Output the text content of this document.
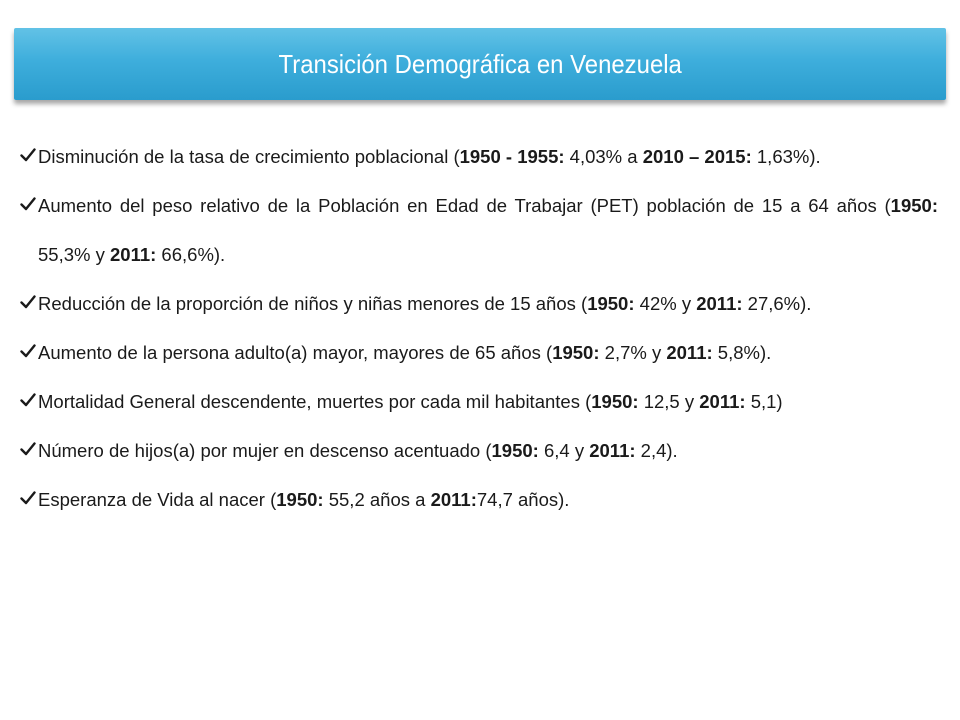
Transición Demográfica en Venezuela
Disminución de la tasa de crecimiento poblacional (1950 - 1955: 4,03% a 2010 – 2015: 1,63%).
Aumento del peso relativo de la Población en Edad de Trabajar (PET) población de 15 a 64 años (1950: 55,3% y 2011: 66,6%).
Reducción de la proporción de niños y niñas menores de 15 años (1950: 42% y 2011: 27,6%).
Aumento de la persona adulto(a) mayor, mayores de 65 años (1950: 2,7% y 2011: 5,8%).
Mortalidad General descendente, muertes por cada mil habitantes (1950: 12,5 y 2011: 5,1)
Número de hijos(a) por mujer en descenso acentuado (1950: 6,4 y 2011: 2,4).
Esperanza de Vida al nacer (1950: 55,2 años a 2011:74,7 años).
